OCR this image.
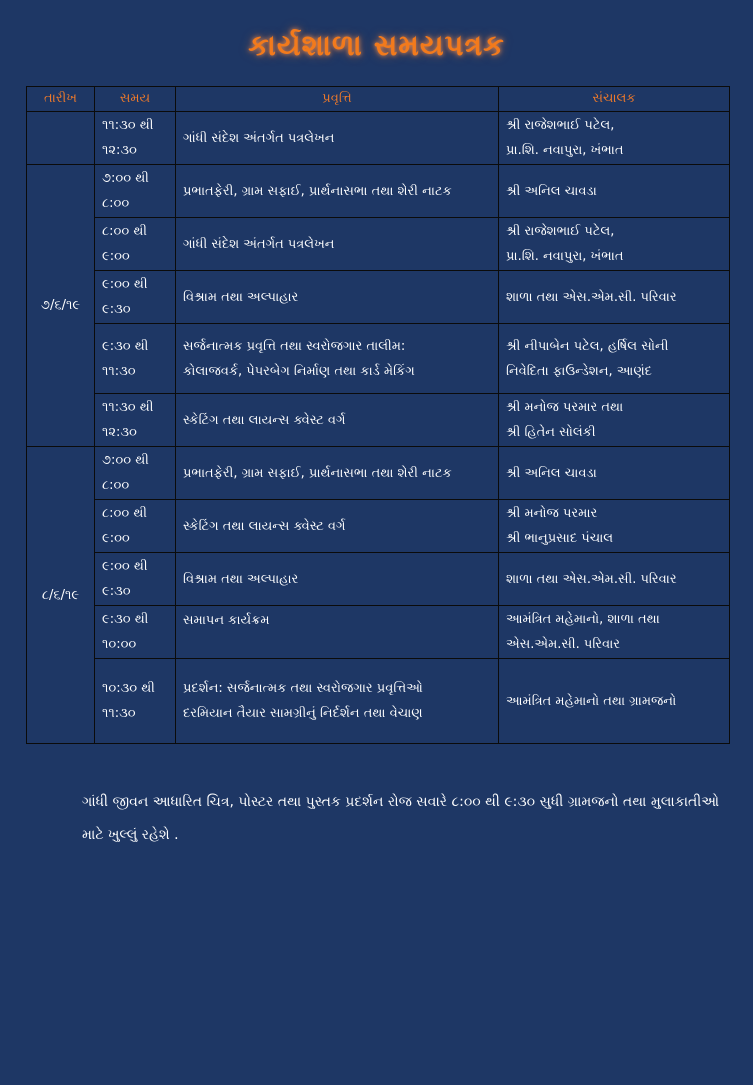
કાર્યશાળા સમયપત્રક
તારીખ	સમય	પ્રવૃત્તિ	સંચાલક

	૧૧:૩૦ થી
૧૨:૩૦	ગાંધી સંદેશ અંતર્ગત પત્રલેખન	શ્રી રાજેશભાઈ પટેલ,
પ્રા.શિ. નવાપુરા, ખંભાત

૭/૬/૧૯	૭:૦૦ થી
૮:૦૦	પ્રભાતફેરી, ગ્રામ સફાઈ, પ્રાર્થનાસભા તથા શેરી નાટક	શ્રી અનિલ ચાવડા

	૮:૦૦ થી
૯:૦૦	ગાંધી સંદેશ અંતર્ગત પત્રલેખન	શ્રી રાજેશભાઈ પટેલ,
પ્રા.શિ. નવાપુરા, ખંભાત

	૯:૦૦ થી
૯:૩૦	વિશ્રામ તથા અલ્પાહાર	શાળા તથા એસ.એમ.સી. પરિવાર

	૯:૩૦ થી
૧૧:૩૦	સર્જનાત્મક પ્રવૃત્તિ તથા સ્વરોજગાર તાલીમ:
કોલાજવર્ક, પેપરબેગ નિર્માણ તથા કાર્ડ મેકિંગ	શ્રી નીપાબેન પટેલ, હર્ષિલ સોની
નિવેદિતા ફાઉન્ડેશન, આણંદ

	૧૧:૩૦ થી
૧૨:૩૦	સ્કેટિંગ તથા લાયન્સ ક્વેસ્ટ વર્ગ	શ્રી મનોજ પરમાર તથા
શ્રી હિતેન સોલંકી

૮/૬/૧૯	૭:૦૦ થી
૮:૦૦	પ્રભાતફેરી, ગ્રામ સફાઈ, પ્રાર્થનાસભા તથા શેરી નાટક	શ્રી અનિલ ચાવડા

	૮:૦૦ થી
૯:૦૦	સ્કેટિંગ તથા લાયન્સ ક્વેસ્ટ વર્ગ	શ્રી મનોજ પરમાર
શ્રી ભાનુપ્રસાદ પંચાલ

	૯:૦૦ થી
૯:૩૦	વિશ્રામ તથા અલ્પાહાર	શાળા તથા એસ.એમ.સી. પરિવાર

	૯:૩૦ થી
૧૦:૦૦	સમાપન કાર્યક્રમ	આમંત્રિત મહેમાનો, શાળા તથા
એસ.એમ.સી. પરિવાર

	૧૦:૩૦ થી
૧૧:૩૦	પ્રદર્શન: સર્જનાત્મક તથા સ્વરોજગાર પ્રવૃત્તિઓ
દરમિયાન તૈયાર સામગ્રીનું નિર્દર્શન તથા વેચાણ	આમંત્રિત મહેમાનો તથા ગ્રામજનો
ગાંધી જીવન આધારિત ચિત્ર, પોસ્ટર તથા પુસ્તક પ્રદર્શન રોજ સવારે ૮:૦૦ થી ૯:૩૦ સુધી ગ્રામજનો તથા મુલાકાતીઓ માટે ખુલ્લું રહેશે .
